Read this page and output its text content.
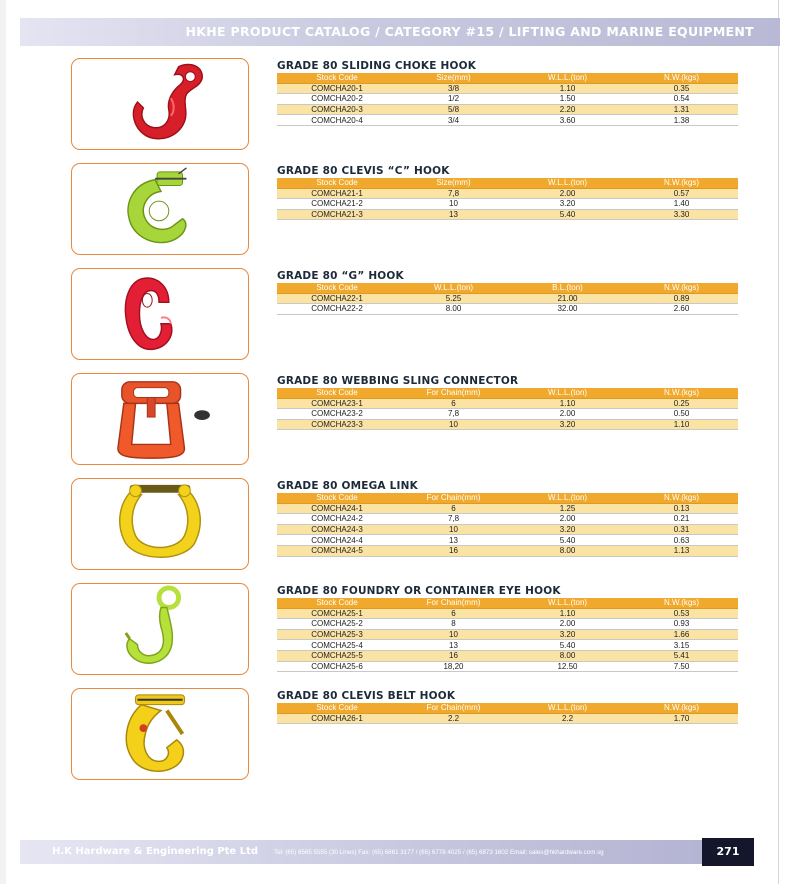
HKHE PRODUCT CATALOG / CATEGORY #15 / LIFTING AND MARINE EQUIPMENT
GRADE 80 SLIDING CHOKE HOOK
Stock Code	Size(mm)	W.L.L.(ton)	N.W.(kgs)
COMCHA20-1	3/8	1.10	0.35
COMCHA20-2	1/2	1.50	0.54
COMCHA20-3	5/8	2.20	1.31
COMCHA20-4	3/4	3.60	1.38
GRADE 80 CLEVIS “C” HOOK
Stock Code	Size(mm)	W.L.L.(ton)	N.W.(kgs)
COMCHA21-1	7,8	2.00	0.57
COMCHA21-2	10	3.20	1.40
COMCHA21-3	13	5.40	3.30
GRADE 80 “G” HOOK
Stock Code	W.L.L.(ton)	B.L.(ton)	N.W.(kgs)
COMCHA22-1	5.25	21.00	0.89
COMCHA22-2	8.00	32.00	2.60
GRADE 80 WEBBING SLING CONNECTOR
Stock Code	For Chain(mm)	W.L.L.(ton)	N.W.(kgs)
COMCHA23-1	6	1.10	0.25
COMCHA23-2	7,8	2.00	0.50
COMCHA23-3	10	3.20	1.10
GRADE 80 OMEGA LINK
Stock Code	For Chain(mm)	W.L.L.(ton)	N.W.(kgs)
COMCHA24-1	6	1.25	0.13
COMCHA24-2	7,8	2.00	0.21
COMCHA24-3	10	3.20	0.31
COMCHA24-4	13	5.40	0.63
COMCHA24-5	16	8.00	1.13
GRADE 80 FOUNDRY OR CONTAINER EYE HOOK
Stock Code	For Chain(mm)	W.L.L.(ton)	N.W.(kgs)
COMCHA25-1	6	1.10	0.53
COMCHA25-2	8	2.00	0.93
COMCHA25-3	10	3.20	1.66
COMCHA25-4	13	5.40	3.15
COMCHA25-5	16	8.00	5.41
COMCHA25-6	18,20	12.50	7.50
GRADE 80 CLEVIS BELT HOOK
Stock Code	For Chain(mm)	W.L.L.(ton)	N.W.(kgs)
COMCHA26-1	2.2	2.2	1.70
H.K Hardware & Engineering Pte Ltd	Tel: (65) 6565 5555 (30 Lines) Fax: (65) 6861 3177 / (65) 6778 4025 / (65) 6873 1602 Email: sales@hkhardware.com.sg	271
